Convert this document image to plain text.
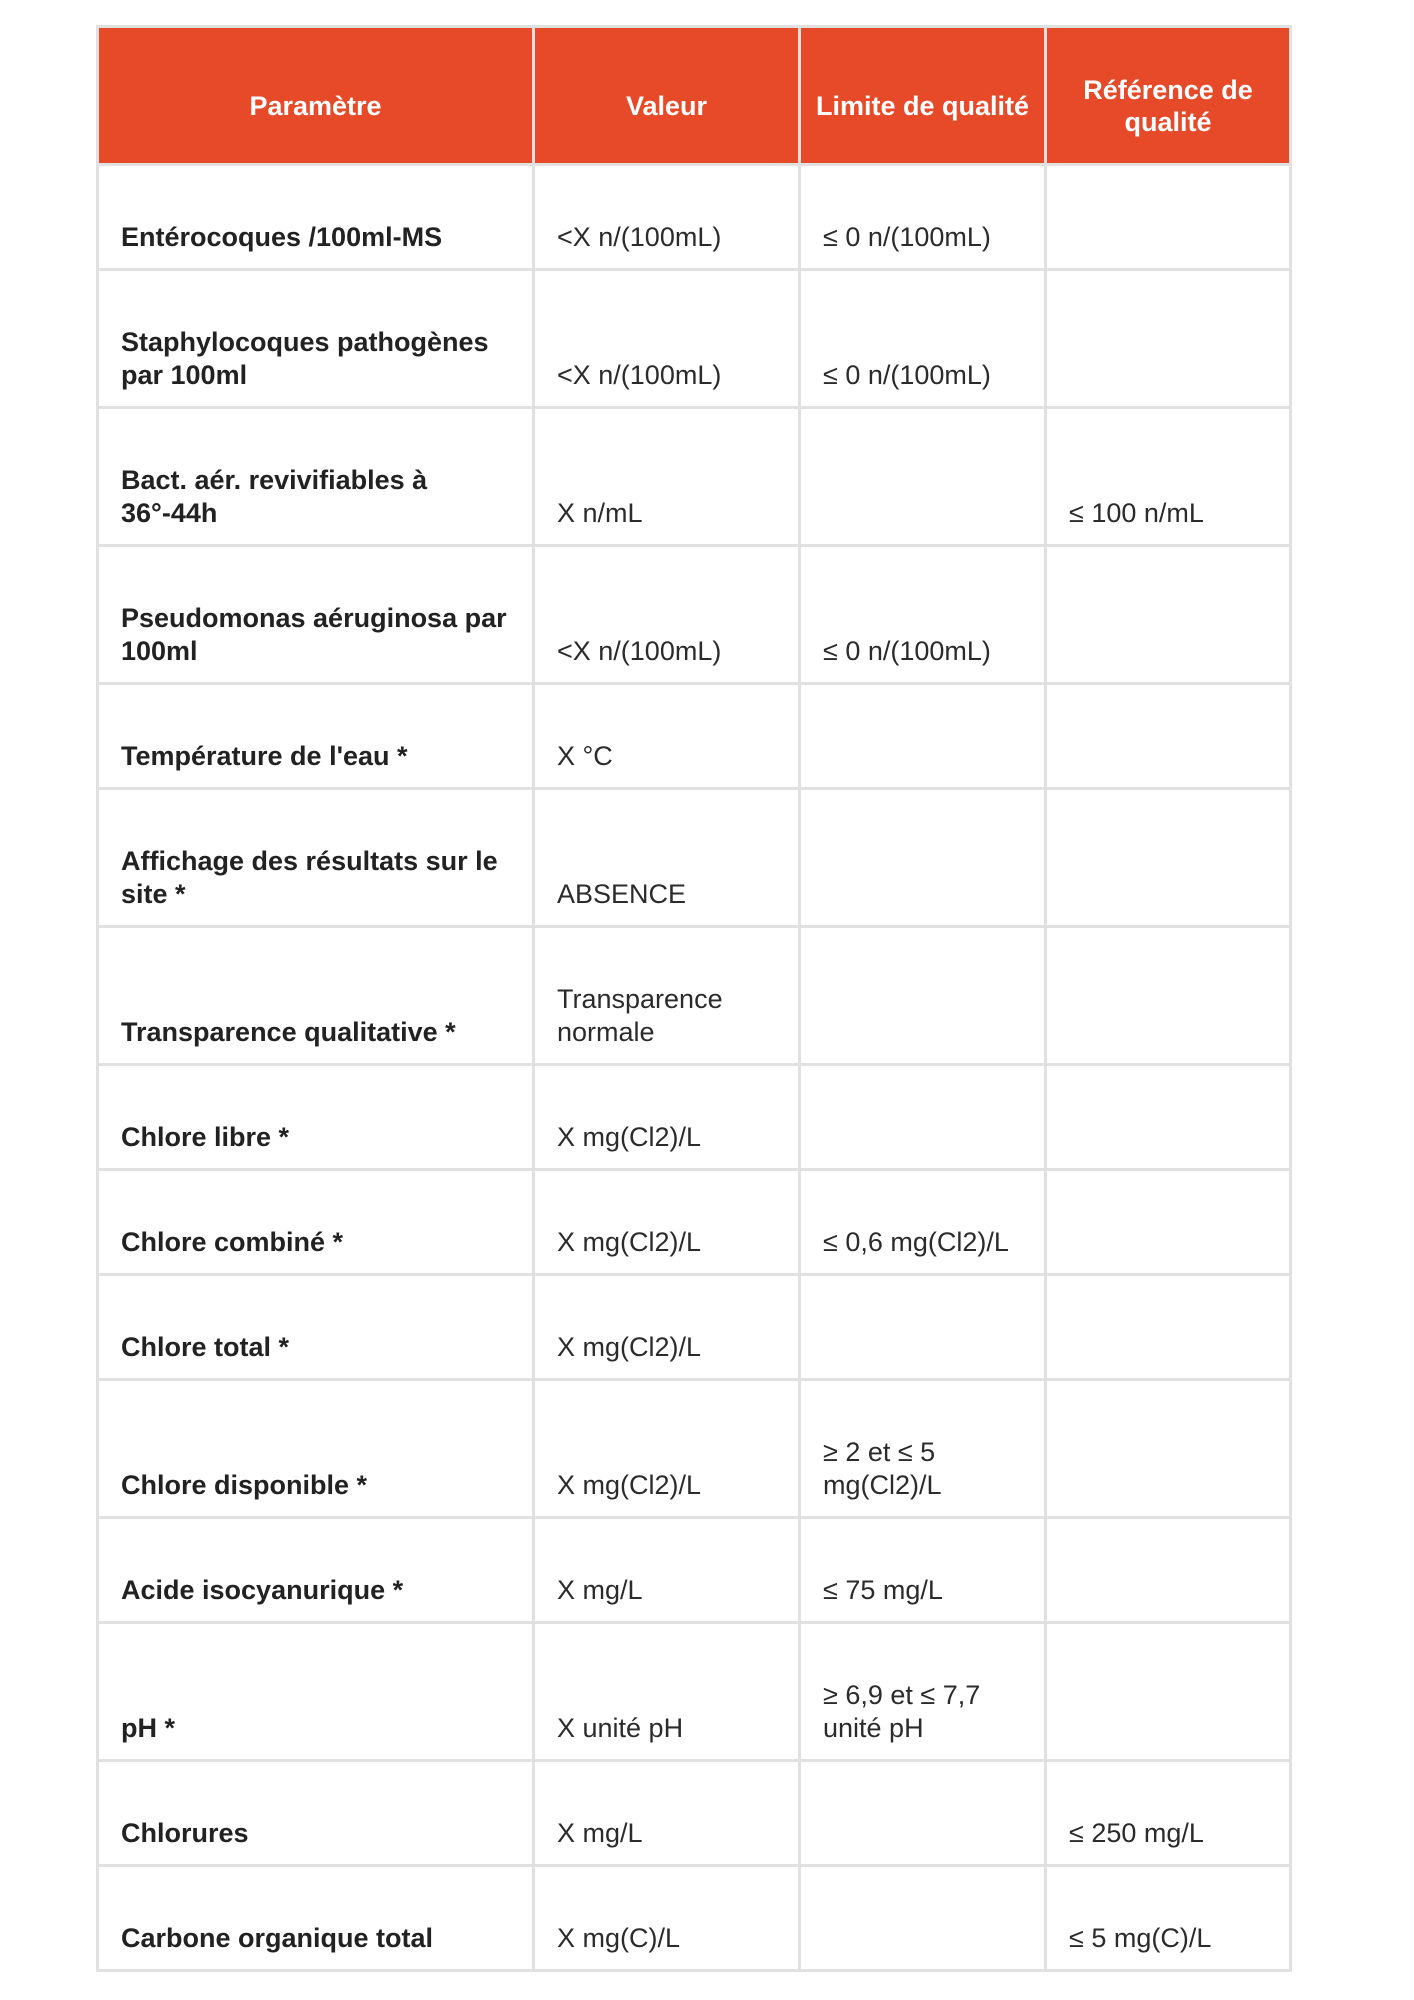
Paramètre	Valeur	Limite de qualité	Référence de qualité
Entérocoques /100ml-MS	<X n/(100mL)	≤ 0 n/(100mL)	
Staphylocoques pathogènes par 100ml	<X n/(100mL)	≤ 0 n/(100mL)	
Bact. aér. revivifiables à 36°-44h	X n/mL		≤ 100 n/mL
Pseudomonas aéruginosa par 100ml	<X n/(100mL)	≤ 0 n/(100mL)	
Température de l'eau *	X °C		
Affichage des résultats sur le site *	ABSENCE		
Transparence qualitative *	Transparence normale		
Chlore libre *	X mg(Cl2)/L		
Chlore combiné *	X mg(Cl2)/L	≤ 0,6 mg(Cl2)/L	
Chlore total *	X mg(Cl2)/L		
Chlore disponible *	X mg(Cl2)/L	≥ 2 et ≤ 5 mg(Cl2)/L	
Acide isocyanurique *	X mg/L	≤ 75 mg/L	
pH *	X unité pH	≥ 6,9 et ≤ 7,7 unité pH	
Chlorures	X mg/L		≤ 250 mg/L
Carbone organique total	X mg(C)/L		≤ 5 mg(C)/L
